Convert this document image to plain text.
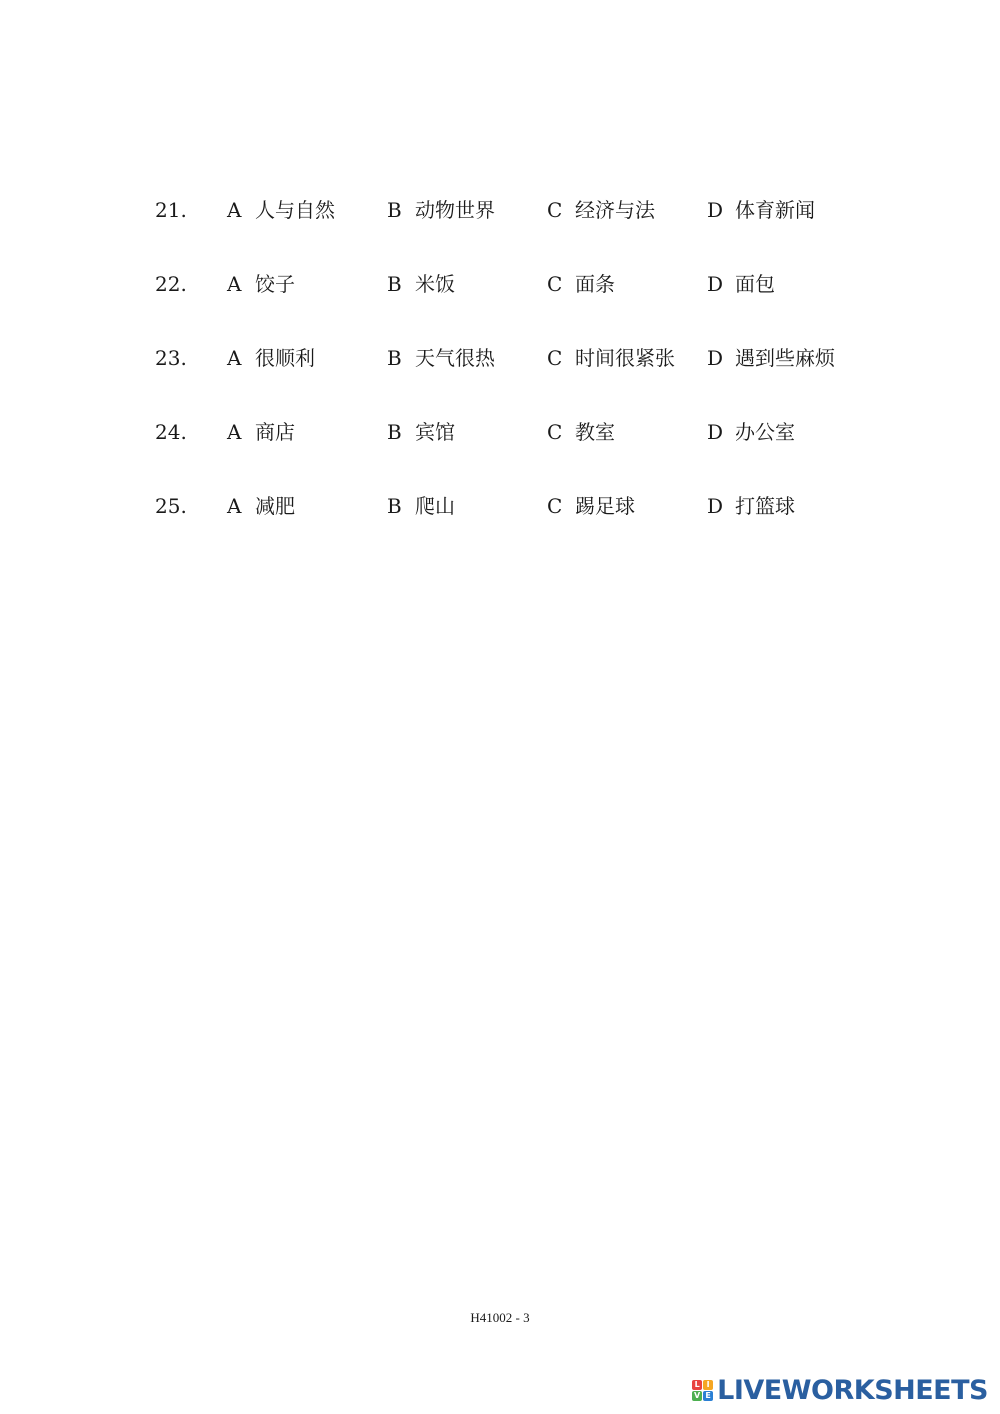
21.	A 人与自然	B 动物世界	C 经济与法	D 体育新闻
22.	A 饺子	B 米饭	C 面条	D 面包
23.	A 很顺利	B 天气很热	C 时间很紧张 D 遇到些麻烦
24.	A 商店	B 宾馆	C 教室	D 办公室
25.	A 减肥	B 爬山	C 踢足球	D 打篮球
H41002 - 3
L I
V E LIVEWORKSHEETS
